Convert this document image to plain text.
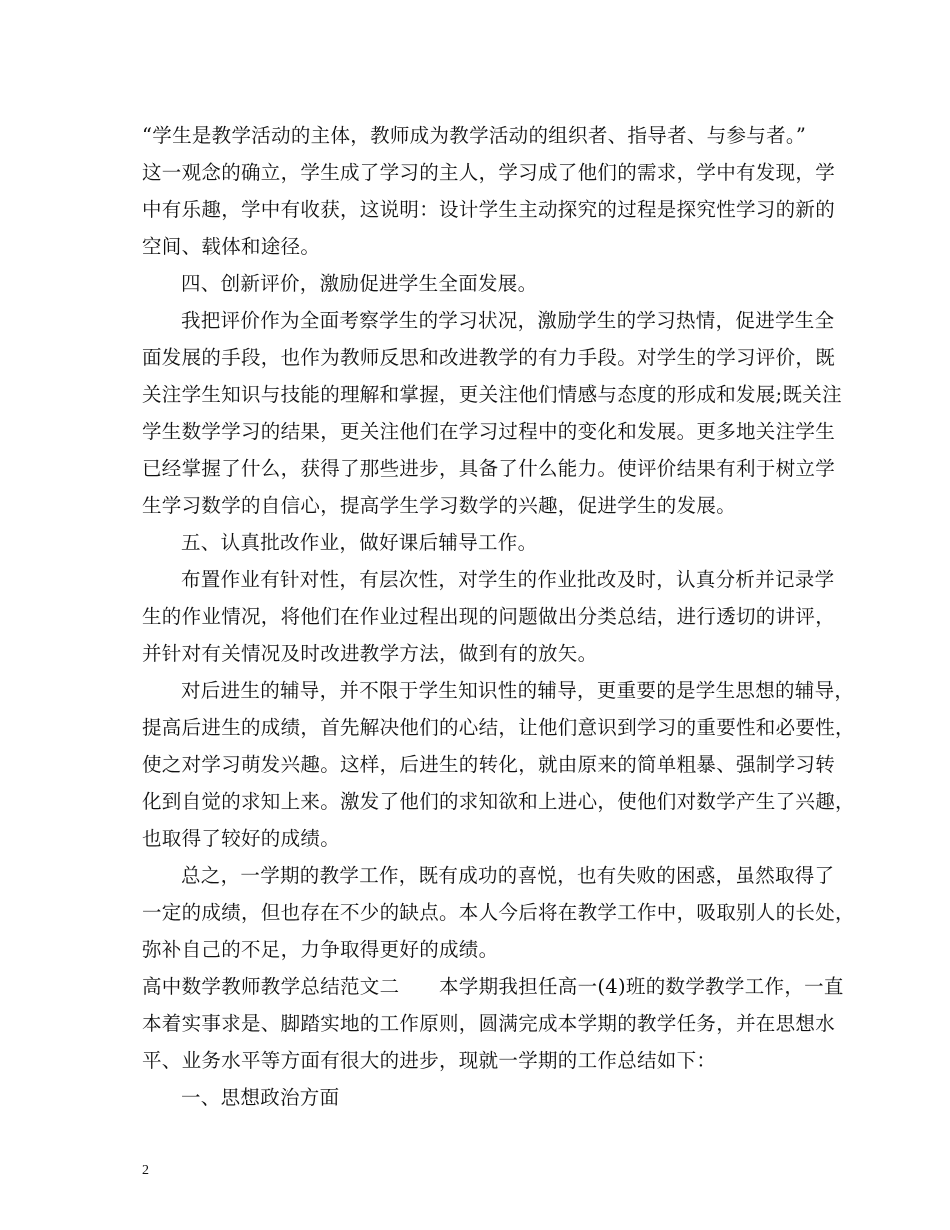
“学生是教学活动的主体，教师成为教学活动的组织者、指导者、与参与者。”
这一观念的确立，学生成了学习的主人，学习成了他们的需求，学中有发现，学
中有乐趣，学中有收获，这说明：设计学生主动探究的过程是探究性学习的新的
空间、载体和途径。
四、创新评价，激励促进学生全面发展。
我把评价作为全面考察学生的学习状况，激励学生的学习热情，促进学生全
面发展的手段，也作为教师反思和改进教学的有力手段。对学生的学习评价，既
关注学生知识与技能的理解和掌握，更关注他们情感与态度的形成和发展;既关注
学生数学学习的结果，更关注他们在学习过程中的变化和发展。更多地关注学生
已经掌握了什么，获得了那些进步，具备了什么能力。使评价结果有利于树立学
生学习数学的自信心，提高学生学习数学的兴趣，促进学生的发展。
五、认真批改作业，做好课后辅导工作。
布置作业有针对性，有层次性，对学生的作业批改及时，认真分析并记录学
生的作业情况，将他们在作业过程出现的问题做出分类总结，进行透切的讲评，
并针对有关情况及时改进教学方法，做到有的放矢。
对后进生的辅导，并不限于学生知识性的辅导，更重要的是学生思想的辅导，
提高后进生的成绩，首先解决他们的心结，让他们意识到学习的重要性和必要性，
使之对学习萌发兴趣。这样，后进生的转化，就由原来的简单粗暴、强制学习转
化到自觉的求知上来。激发了他们的求知欲和上进心，使他们对数学产生了兴趣，
也取得了较好的成绩。
总之，一学期的教学工作，既有成功的喜悦，也有失败的困惑，虽然取得了
一定的成绩，但也存在不少的缺点。本人今后将在教学工作中，吸取别人的长处，
弥补自己的不足，力争取得更好的成绩。
高中数学教师教学总结范文二　　本学期我担任高一(4)班的数学教学工作，一直
本着实事求是、脚踏实地的工作原则，圆满完成本学期的教学任务，并在思想水
平、业务水平等方面有很大的进步，现就一学期的工作总结如下：
一、思想政治方面
2
